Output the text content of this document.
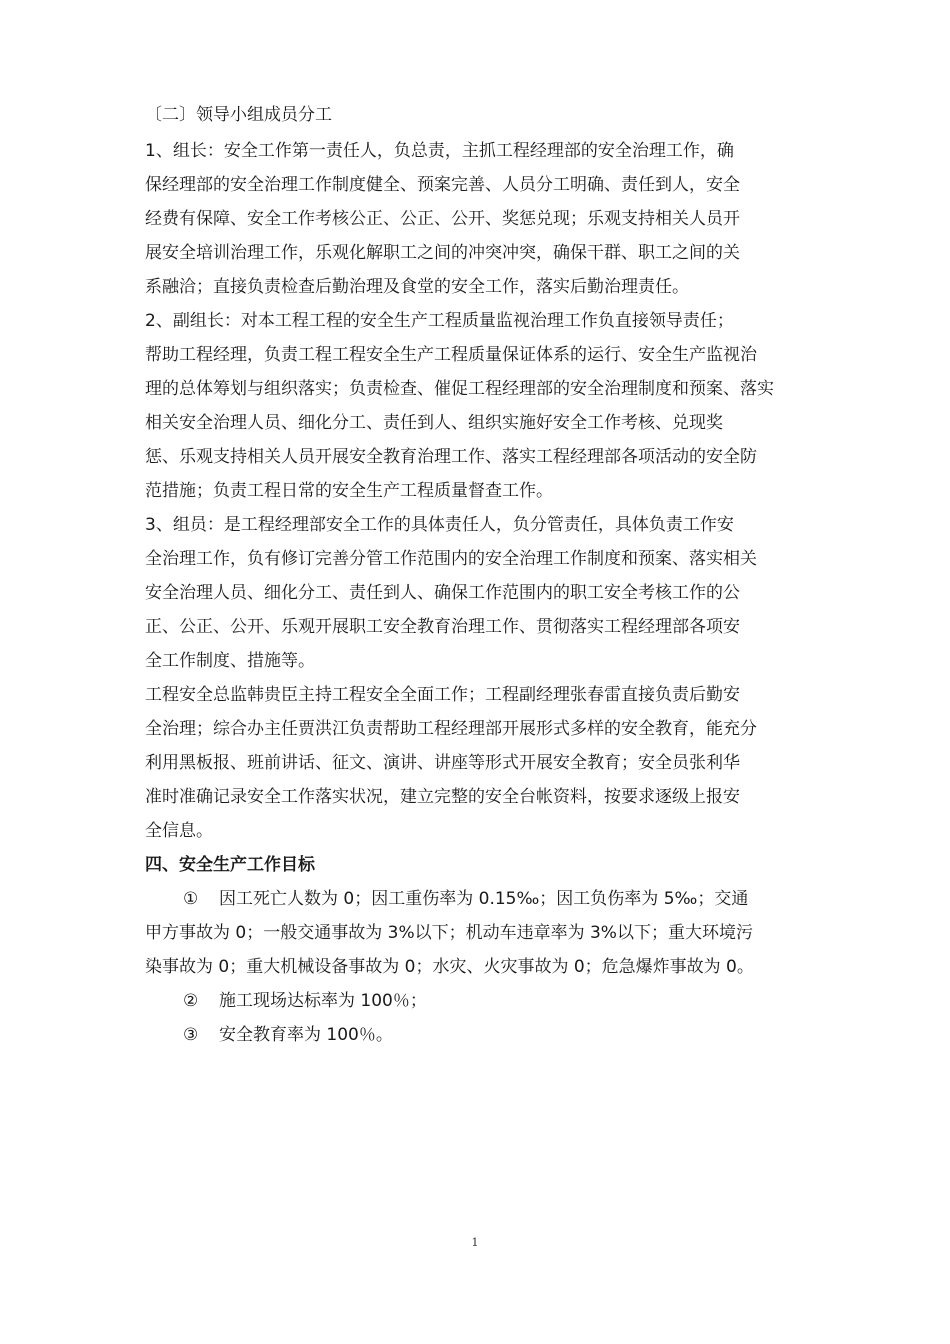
〔二〕领导小组成员分工
1、组长：安全工作第一责任人，负总责，主抓工程经理部的安全治理工作，确
保经理部的安全治理工作制度健全、预案完善、人员分工明确、责任到人，安全
经费有保障、安全工作考核公正、公正、公开、奖惩兑现；乐观支持相关人员开
展安全培训治理工作，乐观化解职工之间的冲突冲突，确保干群、职工之间的关
系融洽；直接负责检查后勤治理及食堂的安全工作，落实后勤治理责任。
2、副组长：对本工程工程的安全生产工程质量监视治理工作负直接领导责任；
帮助工程经理，负责工程工程安全生产工程质量保证体系的运行、安全生产监视治
理的总体筹划与组织落实；负责检查、催促工程经理部的安全治理制度和预案、落实
相关安全治理人员、细化分工、责任到人、组织实施好安全工作考核、兑现奖
惩、乐观支持相关人员开展安全教育治理工作、落实工程经理部各项活动的安全防
范措施；负责工程日常的安全生产工程质量督查工作。
3、组员：是工程经理部安全工作的具体责任人，负分管责任，具体负责工作安
全治理工作，负有修订完善分管工作范围内的安全治理工作制度和预案、落实相关
安全治理人员、细化分工、责任到人、确保工作范围内的职工安全考核工作的公
正、公正、公开、乐观开展职工安全教育治理工作、贯彻落实工程经理部各项安
全工作制度、措施等。
工程安全总监韩贵臣主持工程安全全面工作；工程副经理张春雷直接负责后勤安
全治理；综合办主任贾洪江负责帮助工程经理部开展形式多样的安全教育，能充分
利用黑板报、班前讲话、征文、演讲、讲座等形式开展安全教育；安全员张利华
准时准确记录安全工作落实状况，建立完整的安全台帐资料，按要求逐级上报安
全信息。
四、安全生产工作目标
① 因工死亡人数为 0；因工重伤率为 0.15‰；因工负伤率为 5‰；交通
甲方事故为 0；一般交通事故为 3%以下；机动车违章率为 3%以下；重大环境污
染事故为 0；重大机械设备事故为 0；水灾、火灾事故为 0；危急爆炸事故为 0。
② 施工现场达标率为 100％；
③ 安全教育率为 100％。
1
